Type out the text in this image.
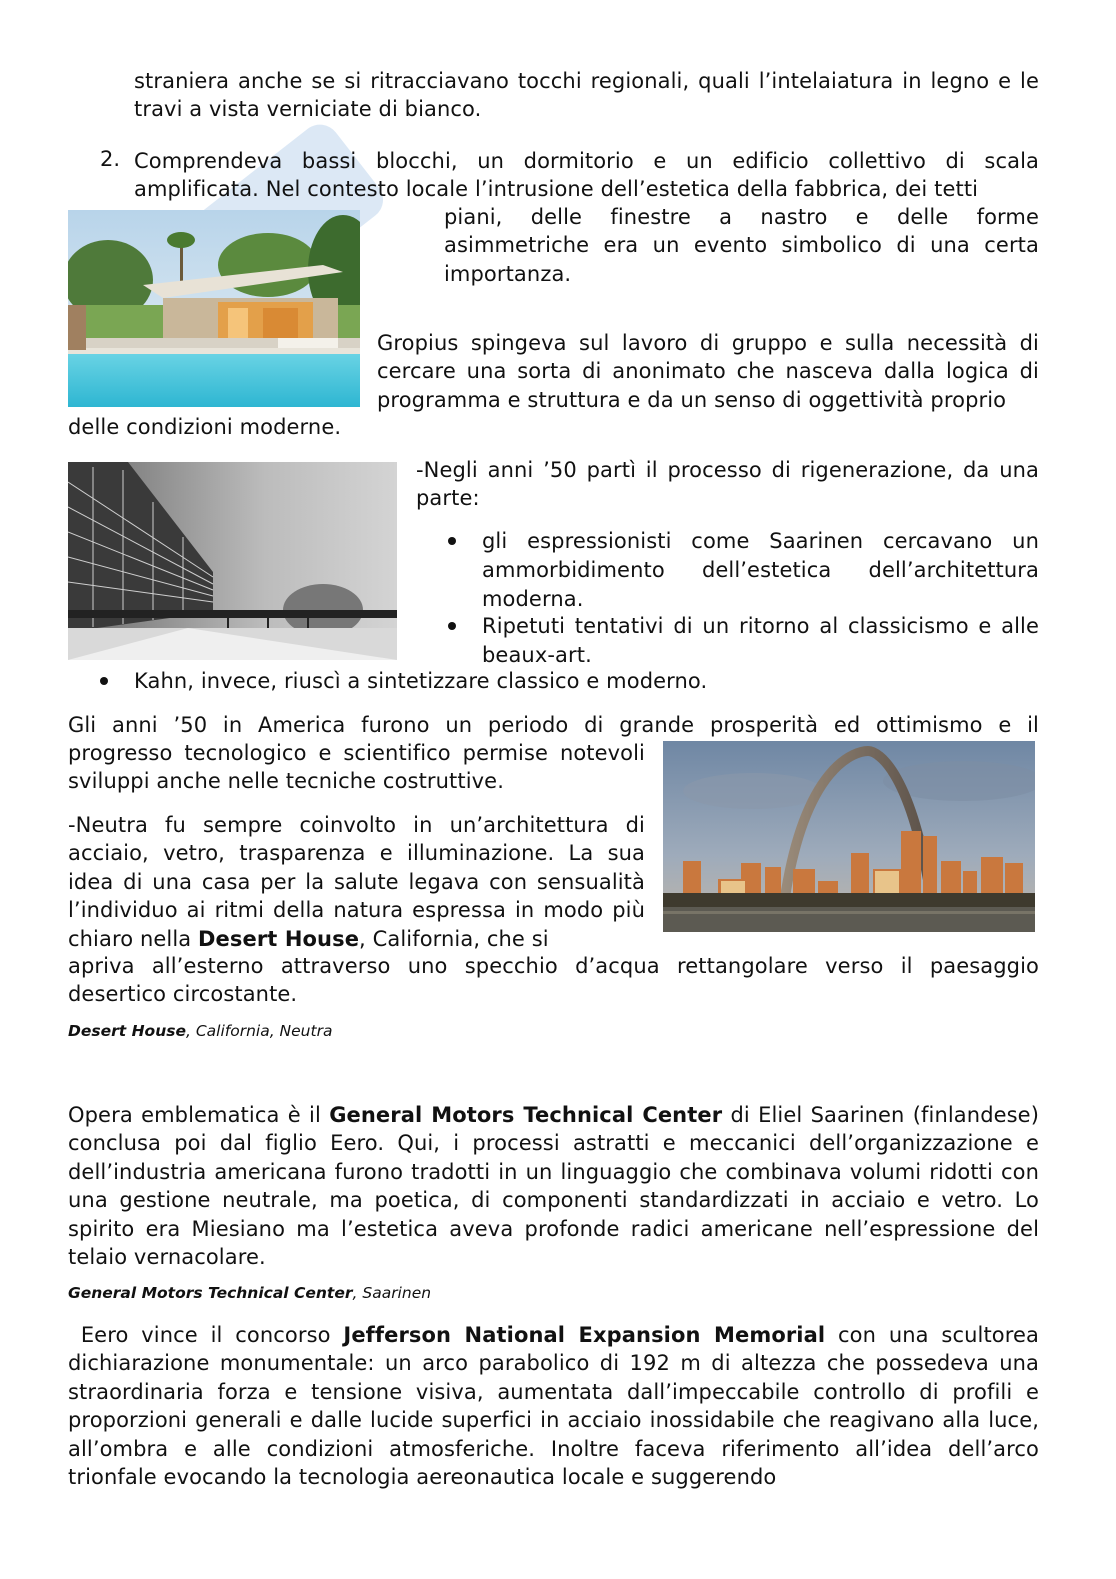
straniera anche se si ritracciavano tocchi regionali, quali l’intelaiatura in legno e le travi a vista verniciate di bianco.

2. Comprendeva bassi blocchi, un dormitorio e un edificio collettivo di scala amplificata. Nel contesto locale l’intrusione dell’estetica della fabbrica, dei tetti

piani, delle finestre a nastro e delle forme asimmetriche era un evento simbolico di una certa importanza.

Gropius spingeva sul lavoro di gruppo e sulla necessità di cercare una sorta di anonimato che nasceva dalla logica di programma e struttura e da un senso di oggettività proprio

delle condizioni moderne.

-Negli anni ’50 partì il processo di rigenerazione, da una parte:

gli espressionisti come Saarinen cercavano un ammorbidimento dell’estetica dell’architettura moderna.

Ripetuti tentativi di un ritorno al classicismo e alle beaux-art.

Kahn, invece, riuscì a sintetizzare classico e moderno.

Gli anni ’50 in America furono un periodo di grande prosperità ed ottimismo e il

progresso tecnologico e scientifico permise notevoli sviluppi anche nelle tecniche costruttive.

-Neutra fu sempre coinvolto in un’architettura di acciaio, vetro, trasparenza e illuminazione. La sua idea di una casa per la salute legava con sensualità l’individuo ai ritmi della natura espressa in modo più chiaro nella Desert House, California, che si

apriva all’esterno attraverso uno specchio d’acqua rettangolare verso il paesaggio desertico circostante.

Desert House, California, Neutra

Opera emblematica è il General Motors Technical Center di Eliel Saarinen (finlandese) conclusa poi dal figlio Eero. Qui, i processi astratti e meccanici dell’organizzazione e dell’industria americana furono tradotti in un linguaggio che combinava volumi ridotti con una gestione neutrale, ma poetica, di componenti standardizzati in acciaio e vetro. Lo spirito era Miesiano ma l’estetica aveva profonde radici americane nell’espressione del telaio vernacolare.

General Motors Technical Center, Saarinen

Eero vince il concorso Jefferson National Expansion Memorial con una scultorea dichiarazione monumentale: un arco parabolico di 192 m di altezza che possedeva una straordinaria forza e tensione visiva, aumentata dall’impeccabile controllo di profili e proporzioni generali e dalle lucide superfici in acciaio inossidabile che reagivano alla luce, all’ombra e alle condizioni atmosferiche. Inoltre faceva riferimento all’idea dell’arco trionfale evocando la tecnologia aereonautica locale e suggerendo
